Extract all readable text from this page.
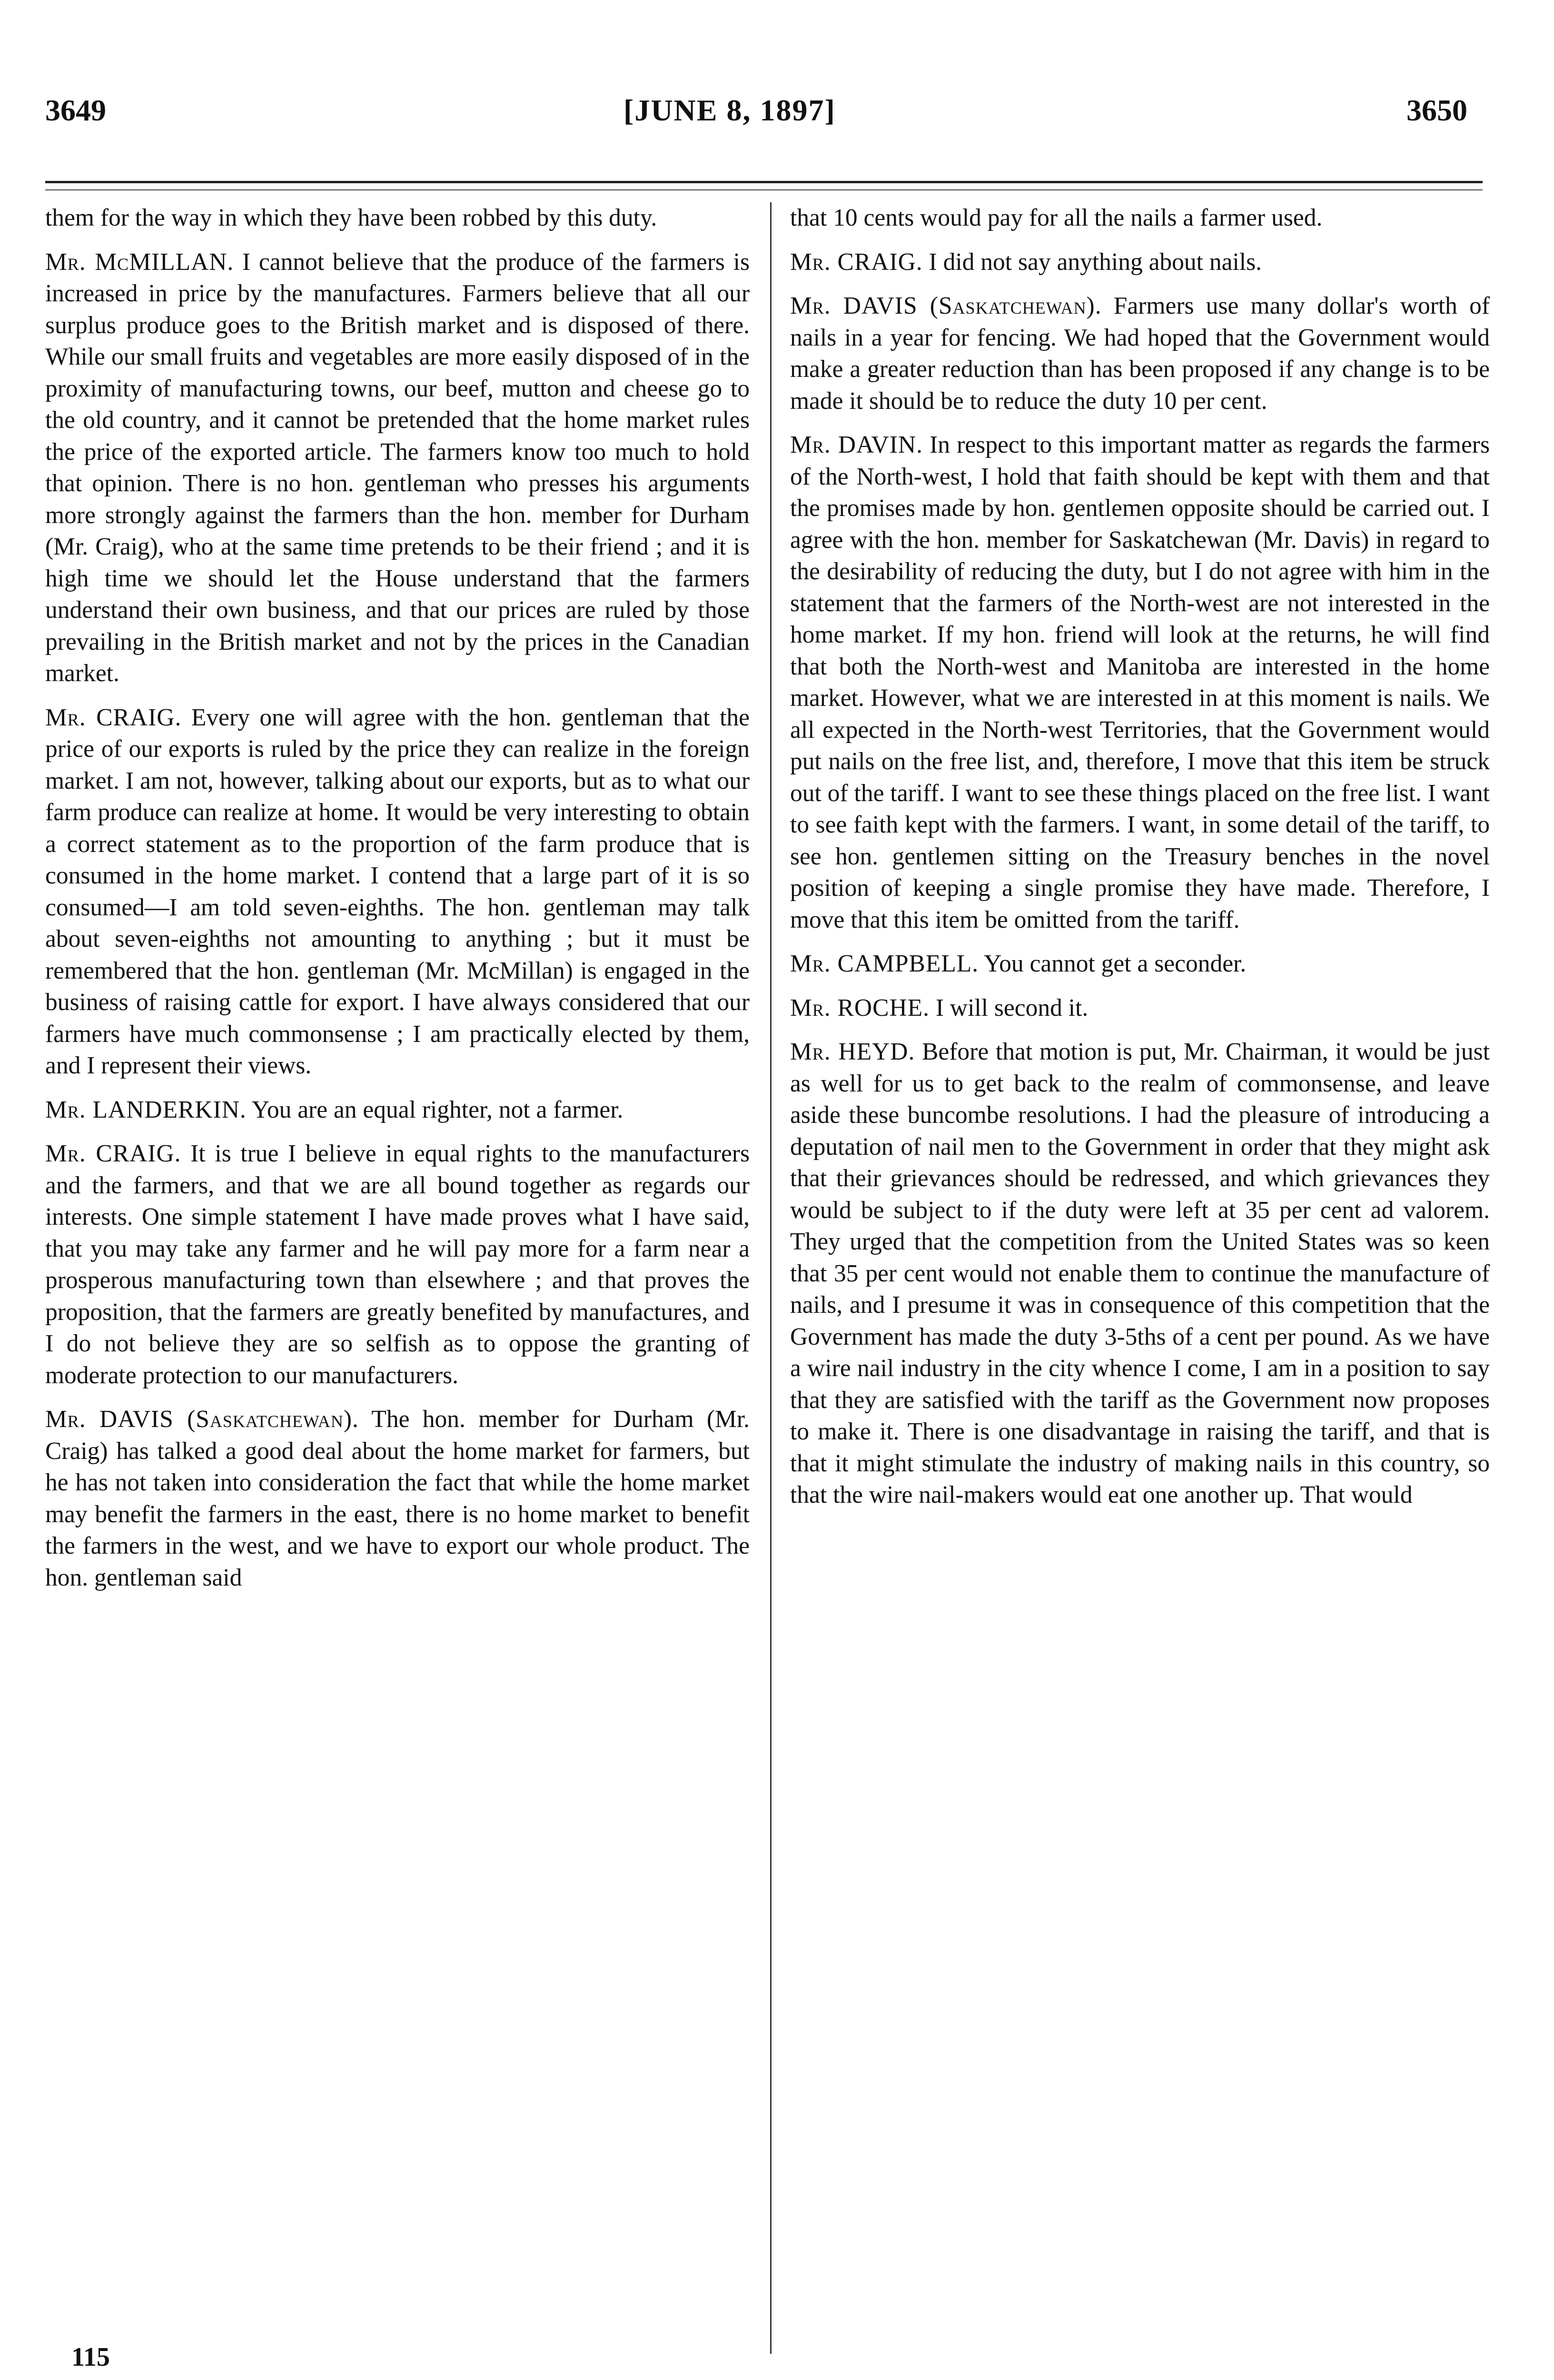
3649	[JUNE 8, 1897]	3650

them for the way in which they have been robbed by this duty.

Mr. McMILLAN. I cannot believe that the produce of the farmers is increased in price by the manufactures. Farmers believe that all our surplus produce goes to the British market and is disposed of there. While our small fruits and vegetables are more easily disposed of in the proximity of manufacturing towns, our beef, mutton and cheese go to the old country, and it cannot be pretended that the home market rules the price of the exported article. The farmers know too much to hold that opinion. There is no hon. gentleman who presses his arguments more strongly against the farmers than the hon. member for Durham (Mr. Craig), who at the same time pretends to be their friend ; and it is high time we should let the House understand that the farmers understand their own business, and that our prices are ruled by those prevailing in the British market and not by the prices in the Canadian market.

Mr. CRAIG. Every one will agree with the hon. gentleman that the price of our exports is ruled by the price they can realize in the foreign market. I am not, however, talking about our exports, but as to what our farm produce can realize at home. It would be very interesting to obtain a correct statement as to the proportion of the farm produce that is consumed in the home market. I contend that a large part of it is so consumed—I am told seven-eighths. The hon. gentleman may talk about seven-eighths not amounting to anything ; but it must be remembered that the hon. gentleman (Mr. McMillan) is engaged in the business of raising cattle for export. I have always considered that our farmers have much commonsense ; I am practically elected by them, and I represent their views.

Mr. LANDERKIN. You are an equal righter, not a farmer.

Mr. CRAIG. It is true I believe in equal rights to the manufacturers and the farmers, and that we are all bound together as regards our interests. One simple statement I have made proves what I have said, that you may take any farmer and he will pay more for a farm near a prosperous manufacturing town than elsewhere ; and that proves the proposition, that the farmers are greatly benefited by manufactures, and I do not believe they are so selfish as to oppose the granting of moderate protection to our manufacturers.

Mr. DAVIS (Saskatchewan). The hon. member for Durham (Mr. Craig) has talked a good deal about the home market for farmers, but he has not taken into consideration the fact that while the home market may benefit the farmers in the east, there is no home market to benefit the farmers in the west, and we have to export our whole product. The hon. gentleman said

that 10 cents would pay for all the nails a farmer used.

Mr. CRAIG. I did not say anything about nails.

Mr. DAVIS (Saskatchewan). Farmers use many dollar's worth of nails in a year for fencing. We had hoped that the Government would make a greater reduction than has been proposed if any change is to be made it should be to reduce the duty 10 per cent.

Mr. DAVIN. In respect to this important matter as regards the farmers of the North-west, I hold that faith should be kept with them and that the promises made by hon. gentlemen opposite should be carried out. I agree with the hon. member for Saskatchewan (Mr. Davis) in regard to the desirability of reducing the duty, but I do not agree with him in the statement that the farmers of the North-west are not interested in the home market. If my hon. friend will look at the returns, he will find that both the North-west and Manitoba are interested in the home market. However, what we are interested in at this moment is nails. We all expected in the North-west Territories, that the Government would put nails on the free list, and, therefore, I move that this item be struck out of the tariff. I want to see these things placed on the free list. I want to see faith kept with the farmers. I want, in some detail of the tariff, to see hon. gentlemen sitting on the Treasury benches in the novel position of keeping a single promise they have made. Therefore, I move that this item be omitted from the tariff.

Mr. CAMPBELL. You cannot get a seconder.

Mr. ROCHE. I will second it.

Mr. HEYD. Before that motion is put, Mr. Chairman, it would be just as well for us to get back to the realm of commonsense, and leave aside these buncombe resolutions. I had the pleasure of introducing a deputation of nail men to the Government in order that they might ask that their grievances should be redressed, and which grievances they would be subject to if the duty were left at 35 per cent ad valorem. They urged that the competition from the United States was so keen that 35 per cent would not enable them to continue the manufacture of nails, and I presume it was in consequence of this competition that the Government has made the duty 3-5ths of a cent per pound. As we have a wire nail industry in the city whence I come, I am in a position to say that they are satisfied with the tariff as the Government now proposes to make it. There is one disadvantage in raising the tariff, and that is that it might stimulate the industry of making nails in this country, so that the wire nail-makers would eat one another up. That would

115
